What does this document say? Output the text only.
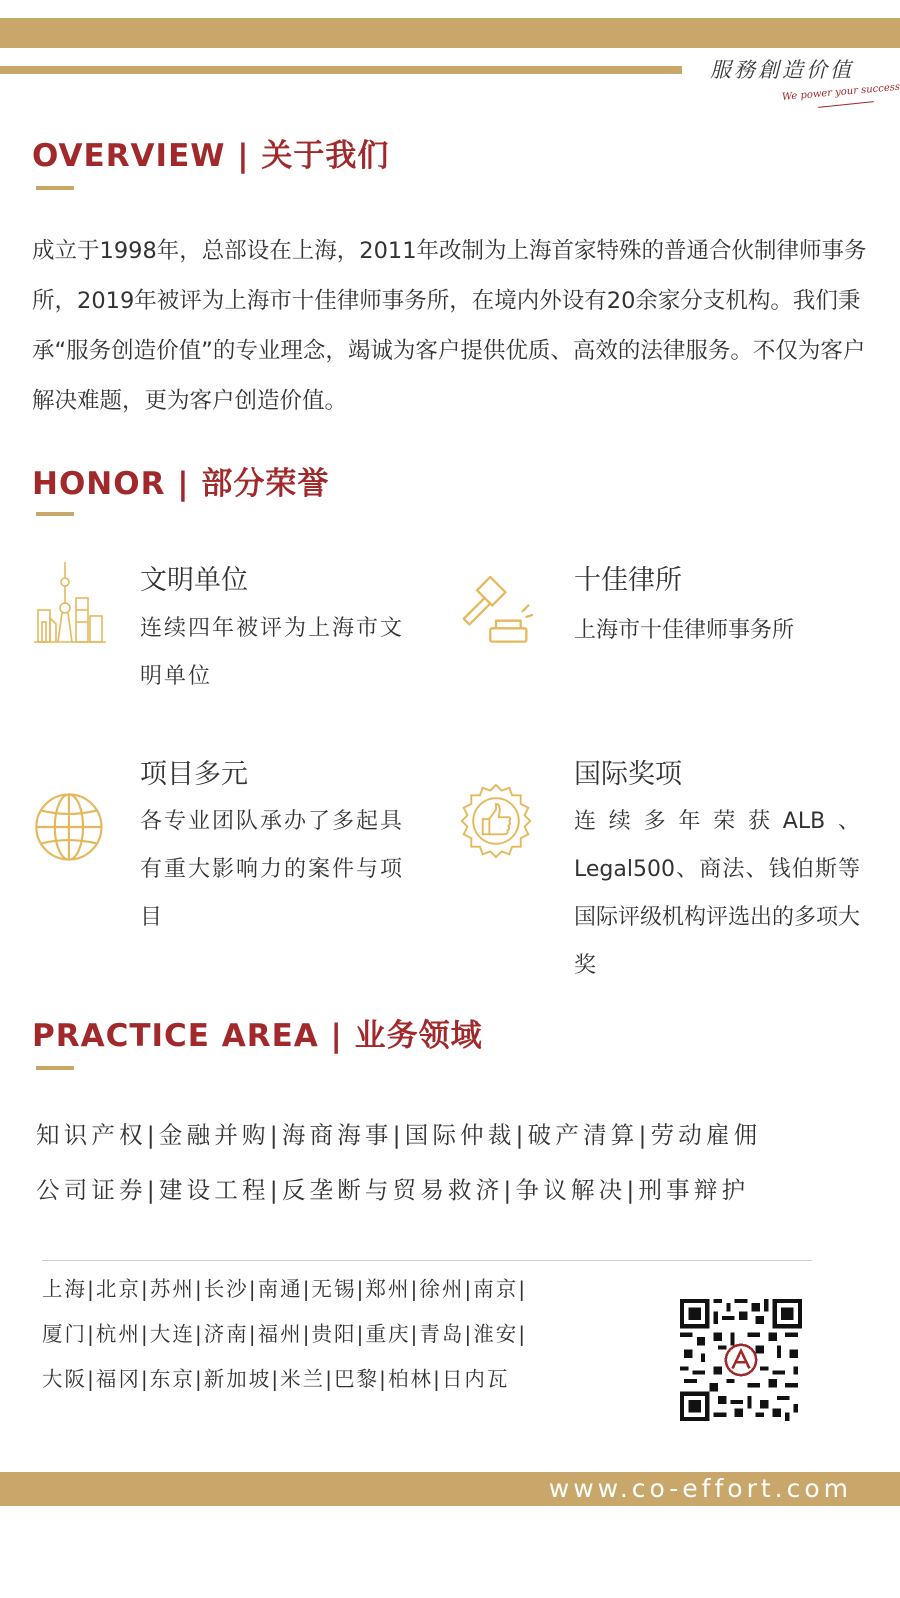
服務創造价值
We power your success
OVERVIEW | 关于我们
成立于1998年，总部设在上海，2011年改制为上海首家特殊的普通合伙制律师事务所，2019年被评为上海市十佳律师事务所，在境内外设有20余家分支机构。我们秉承“服务创造价值”的专业理念，竭诚为客户提供优质、高效的法律服务。不仅为客户解决难题，更为客户创造价值。
HONOR | 部分荣誉
文明单位
连续四年被评为上海市文明单位
十佳律所
上海市十佳律师事务所
项目多元
各专业团队承办了多起具有重大影响力的案件与项目
国际奖项
连续多年荣获ALB、Legal500、商法、钱伯斯等国际评级机构评选出的多项大奖
PRACTICE AREA | 业务领域
知识产权|金融并购|海商海事|国际仲裁|破产清算|劳动雇佣
公司证券|建设工程|反垄断与贸易救济|争议解决|刑事辩护
上海|北京|苏州|长沙|南通|无锡|郑州|徐州|南京|
厦门|杭州|大连|济南|福州|贵阳|重庆|青岛|淮安|
大阪|福冈|东京|新加坡|米兰|巴黎|柏林|日内瓦
www.co-effort.com
